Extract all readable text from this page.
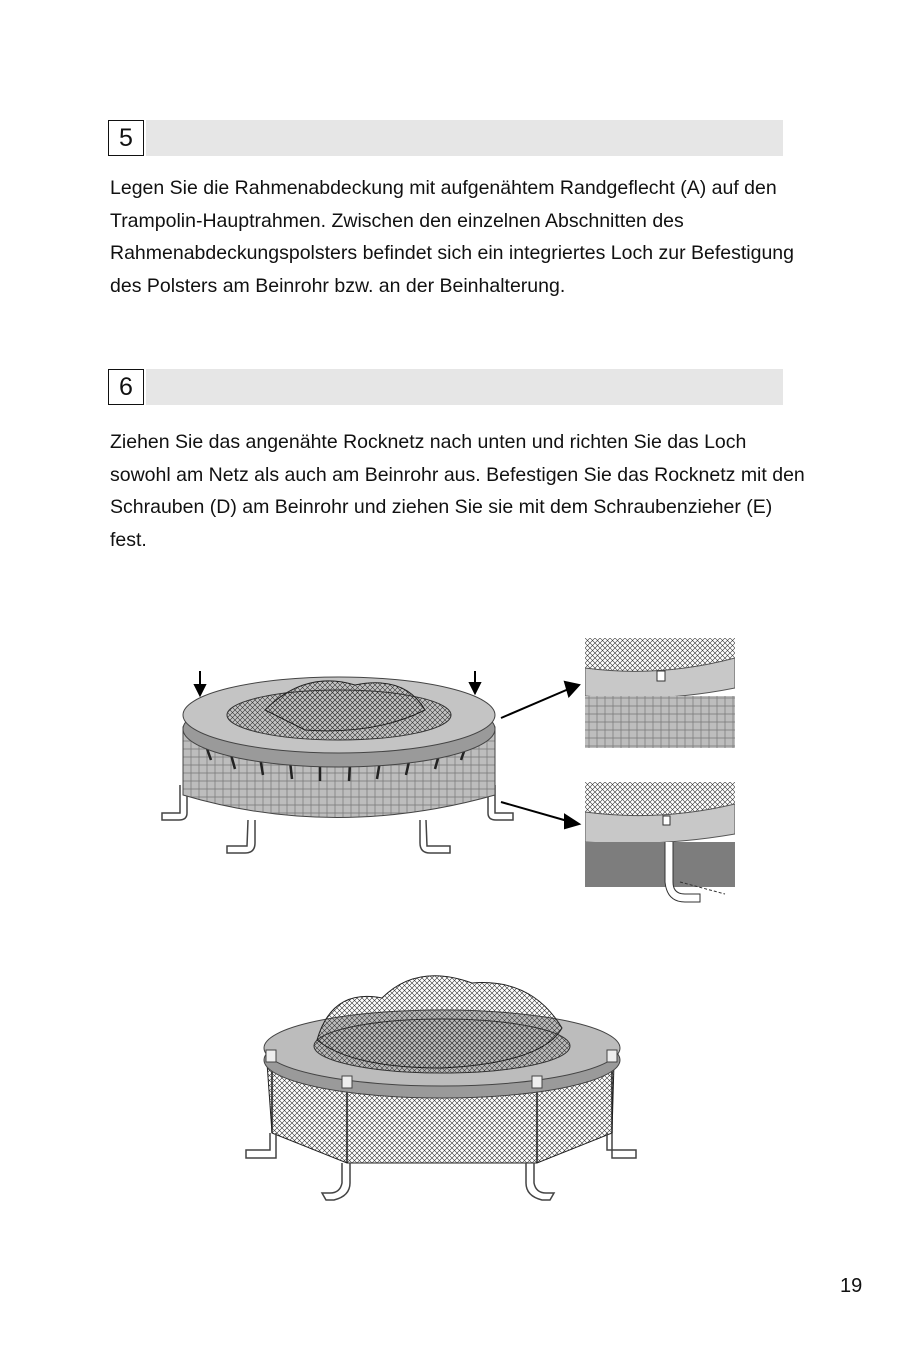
5

Legen Sie die Rahmenabdeckung mit aufgenähtem Randgeflecht (A) auf den Trampolin-Hauptrahmen. Zwischen den einzelnen Abschnitten des Rahmenabdeckungspolsters befindet sich ein integriertes Loch zur Befestigung des Polsters am Beinrohr bzw. an der Beinhalterung.

6

Ziehen Sie das angenähte Rocknetz nach unten und richten Sie das Loch sowohl am Netz als auch am Beinrohr aus. Befestigen Sie das Rocknetz mit den Schrauben (D) am Beinrohr und ziehen Sie sie mit dem Schraubenzieher (E) fest.

19
